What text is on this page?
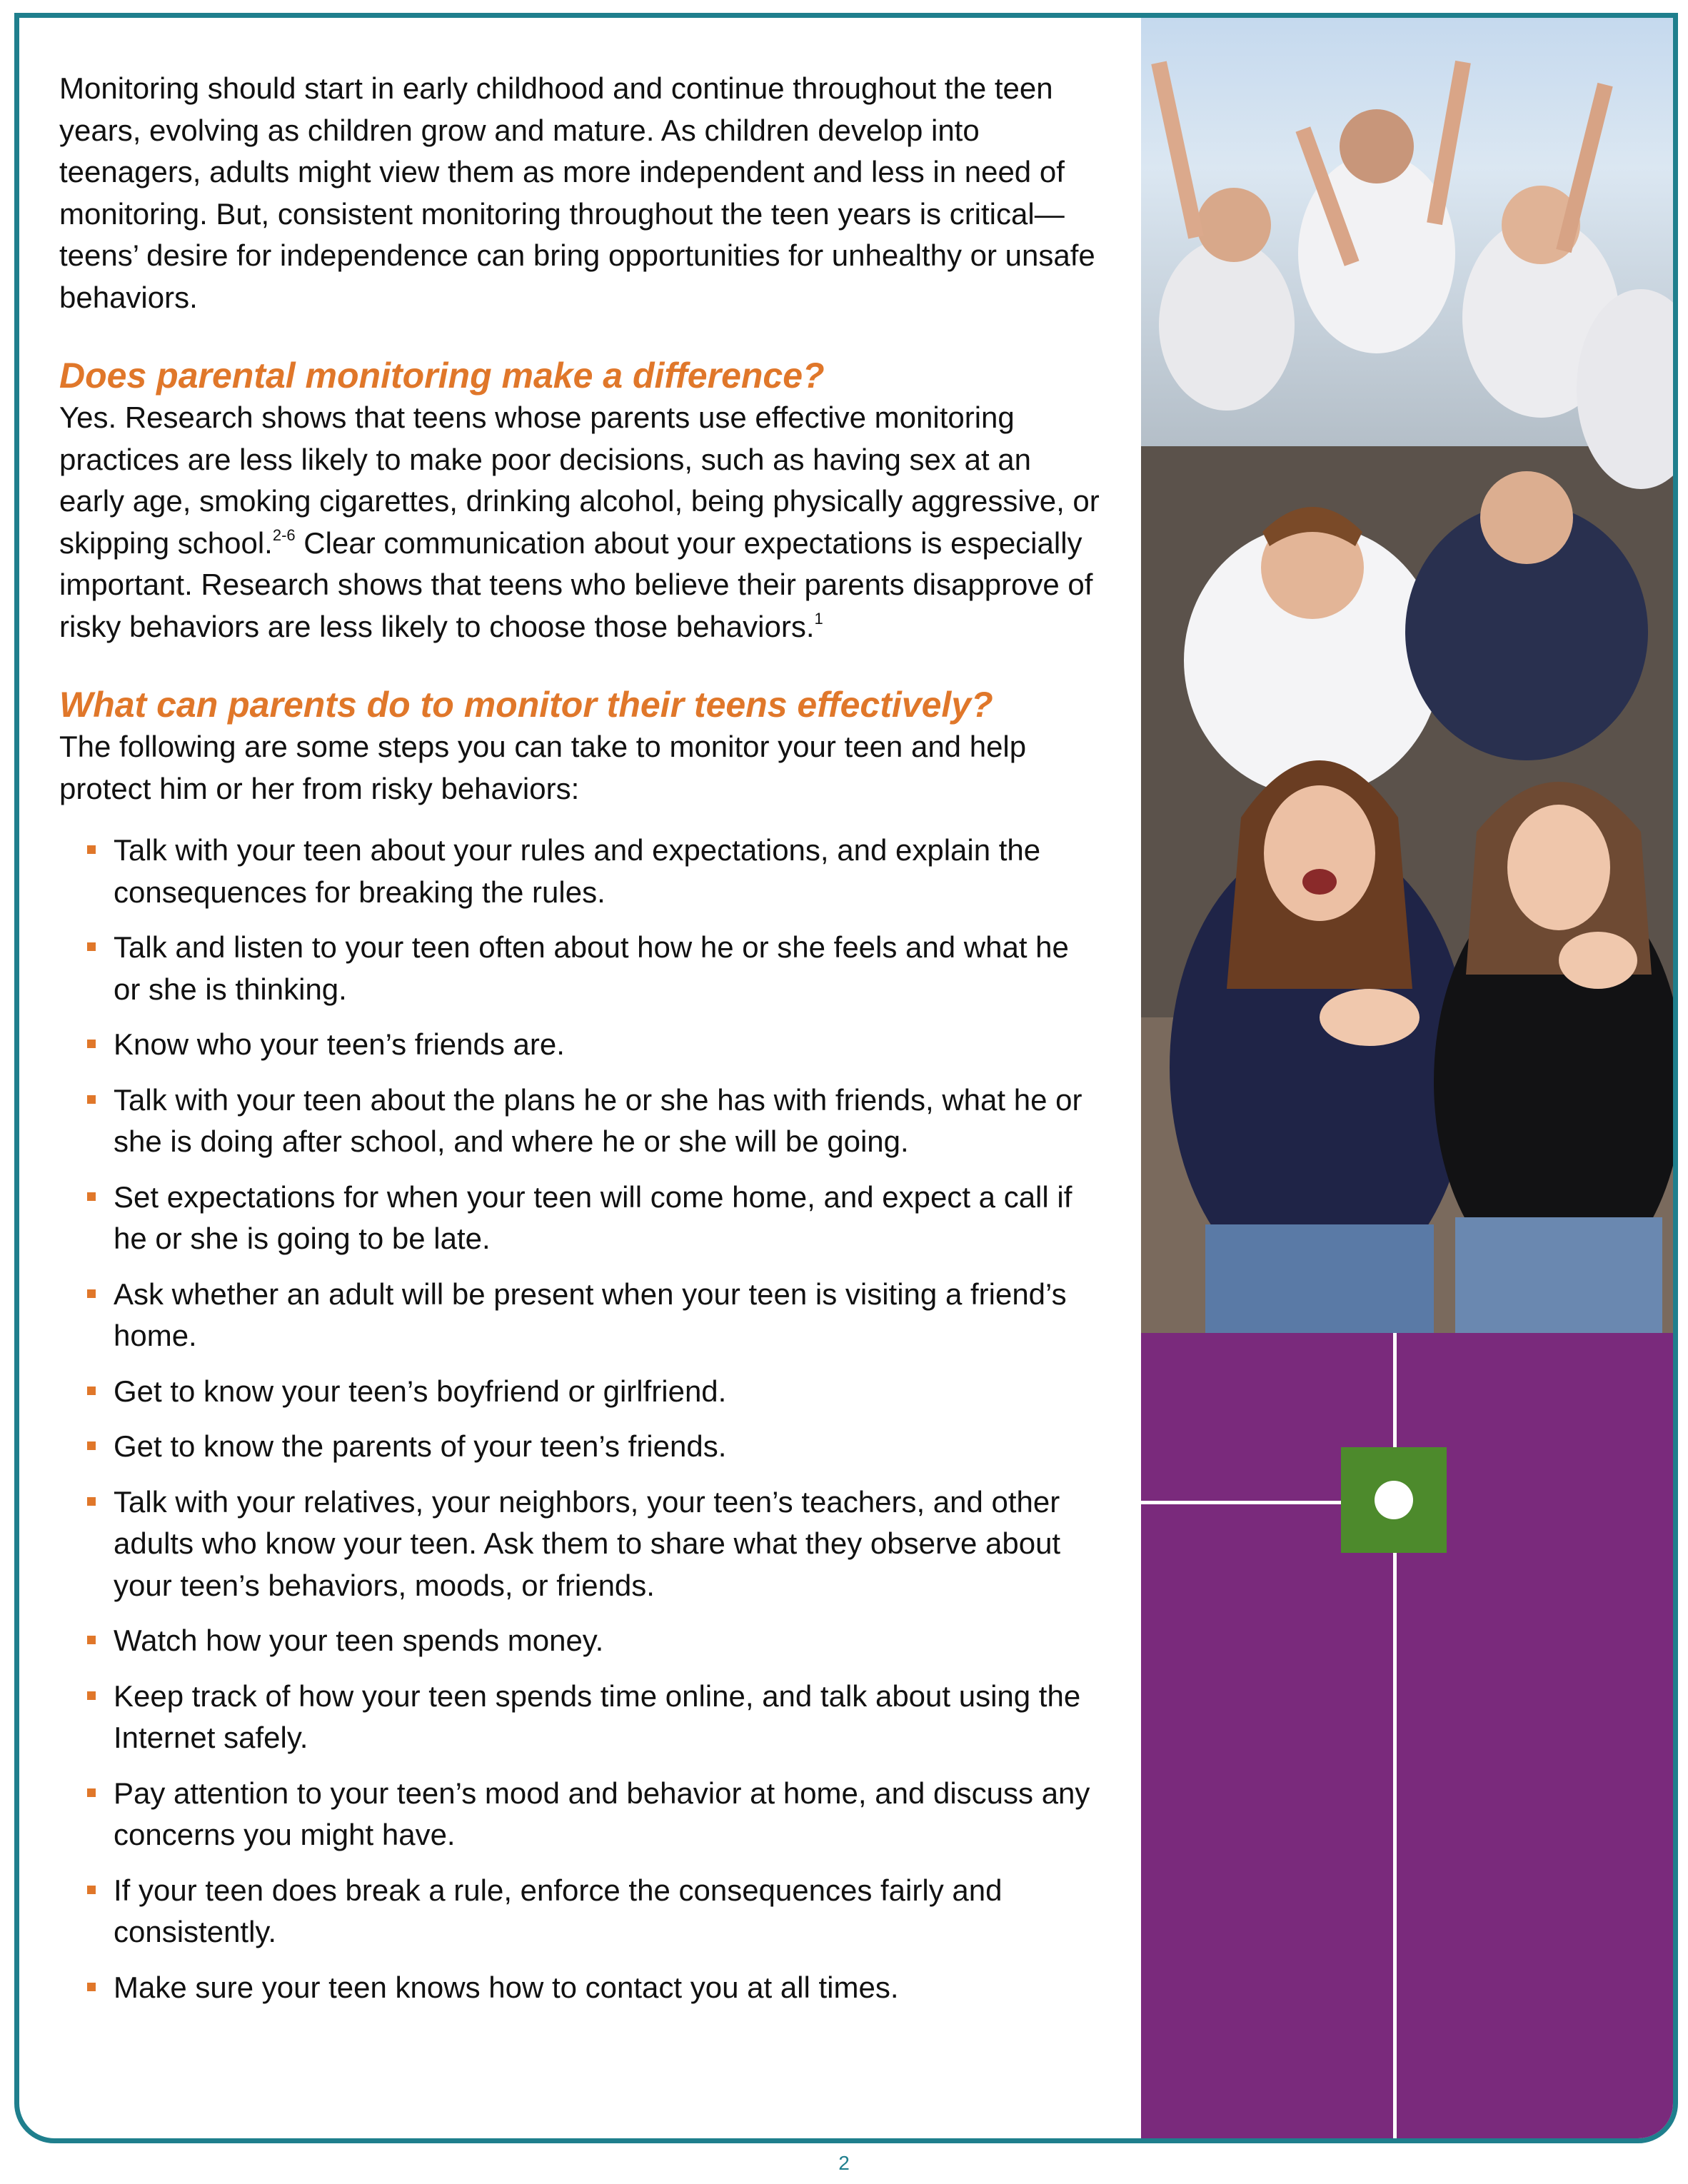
Monitoring should start in early childhood and continue throughout the teen years, evolving as children grow and mature. As children develop into teenagers, adults might view them as more independent and less in need of monitoring. But, consistent monitoring throughout the teen years is critical—teens’ desire for independence can bring opportunities for unhealthy or unsafe behaviors.

Does parental monitoring make a difference?

Yes. Research shows that teens whose parents use effective monitoring practices are less likely to make poor decisions, such as having sex at an early age, smoking cigarettes, drinking alcohol, being physically aggressive, or skipping school.$^{2-6}$ Clear communication about your expectations is especially important. Research shows that teens who believe their parents disapprove of risky behaviors are less likely to choose those behaviors.$^1$

What can parents do to monitor their teens effectively?

The following are some steps you can take to monitor your teen and help protect him or her from risky behaviors:

Talk with your teen about your rules and expectations, and explain the consequences for breaking the rules.
Talk and listen to your teen often about how he or she feels and what he or she is thinking.
Know who your teen’s friends are.
Talk with your teen about the plans he or she has with friends, what he or she is doing after school, and where he or she will be going.
Set expectations for when your teen will come home, and expect a call if he or she is going to be late.
Ask whether an adult will be present when your teen is visiting a friend’s home.
Get to know your teen’s boyfriend or girlfriend.
Get to know the parents of your teen’s friends.
Talk with your relatives, your neighbors, your teen’s teachers, and other adults who know your teen. Ask them to share what they observe about your teen’s behaviors, moods, or friends.
Watch how your teen spends money.
Keep track of how your teen spends time online, and talk about using the Internet safely.
Pay attention to your teen’s mood and behavior at home, and discuss any concerns you might have.
If your teen does break a rule, enforce the consequences fairly and consistently.
Make sure your teen knows how to contact you at all times.
2
